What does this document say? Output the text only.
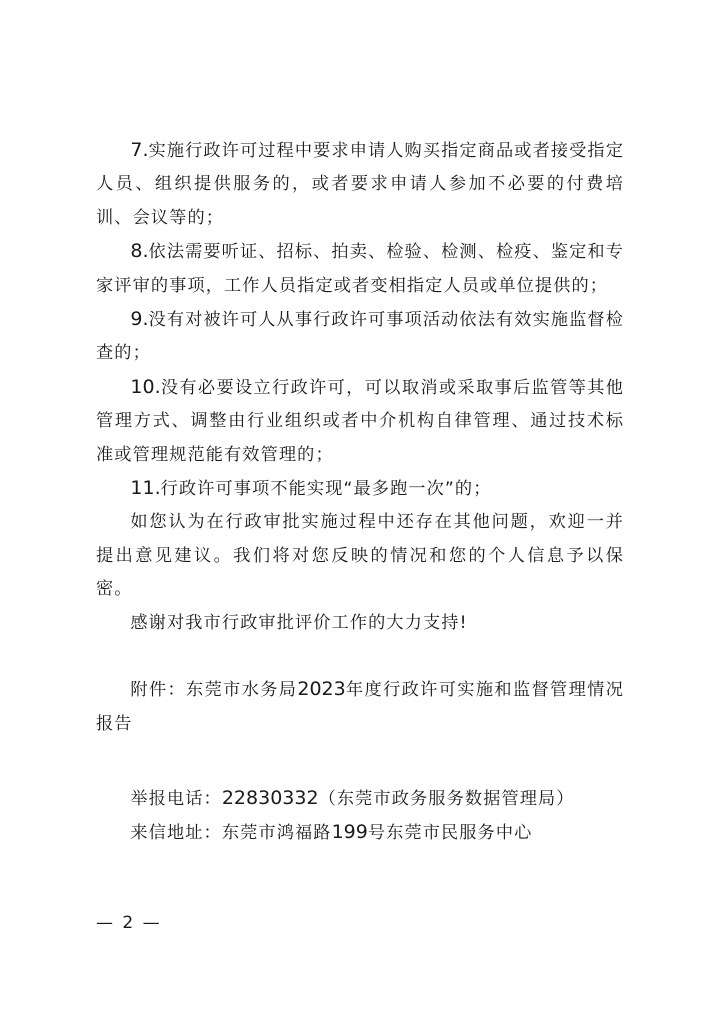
7.实施行政许可过程中要求申请人购买指定商品或者接受指定人员、组织提供服务的，或者要求申请人参加不必要的付费培训、会议等的；

8.依法需要听证、招标、拍卖、检验、检测、检疫、鉴定和专家评审的事项，工作人员指定或者变相指定人员或单位提供的；

9.没有对被许可人从事行政许可事项活动依法有效实施监督检查的；

10.没有必要设立行政许可，可以取消或采取事后监管等其他管理方式、调整由行业组织或者中介机构自律管理、通过技术标准或管理规范能有效管理的；

11.行政许可事项不能实现“最多跑一次”的；

如您认为在行政审批实施过程中还存在其他问题，欢迎一并提出意见建议。我们将对您反映的情况和您的个人信息予以保密。

感谢对我市行政审批评价工作的大力支持!

附件：东莞市水务局2023年度行政许可实施和监督管理情况报告

举报电话：22830332（东莞市政务服务数据管理局）

来信地址：东莞市鸿福路199号东莞市民服务中心

— 2 —
